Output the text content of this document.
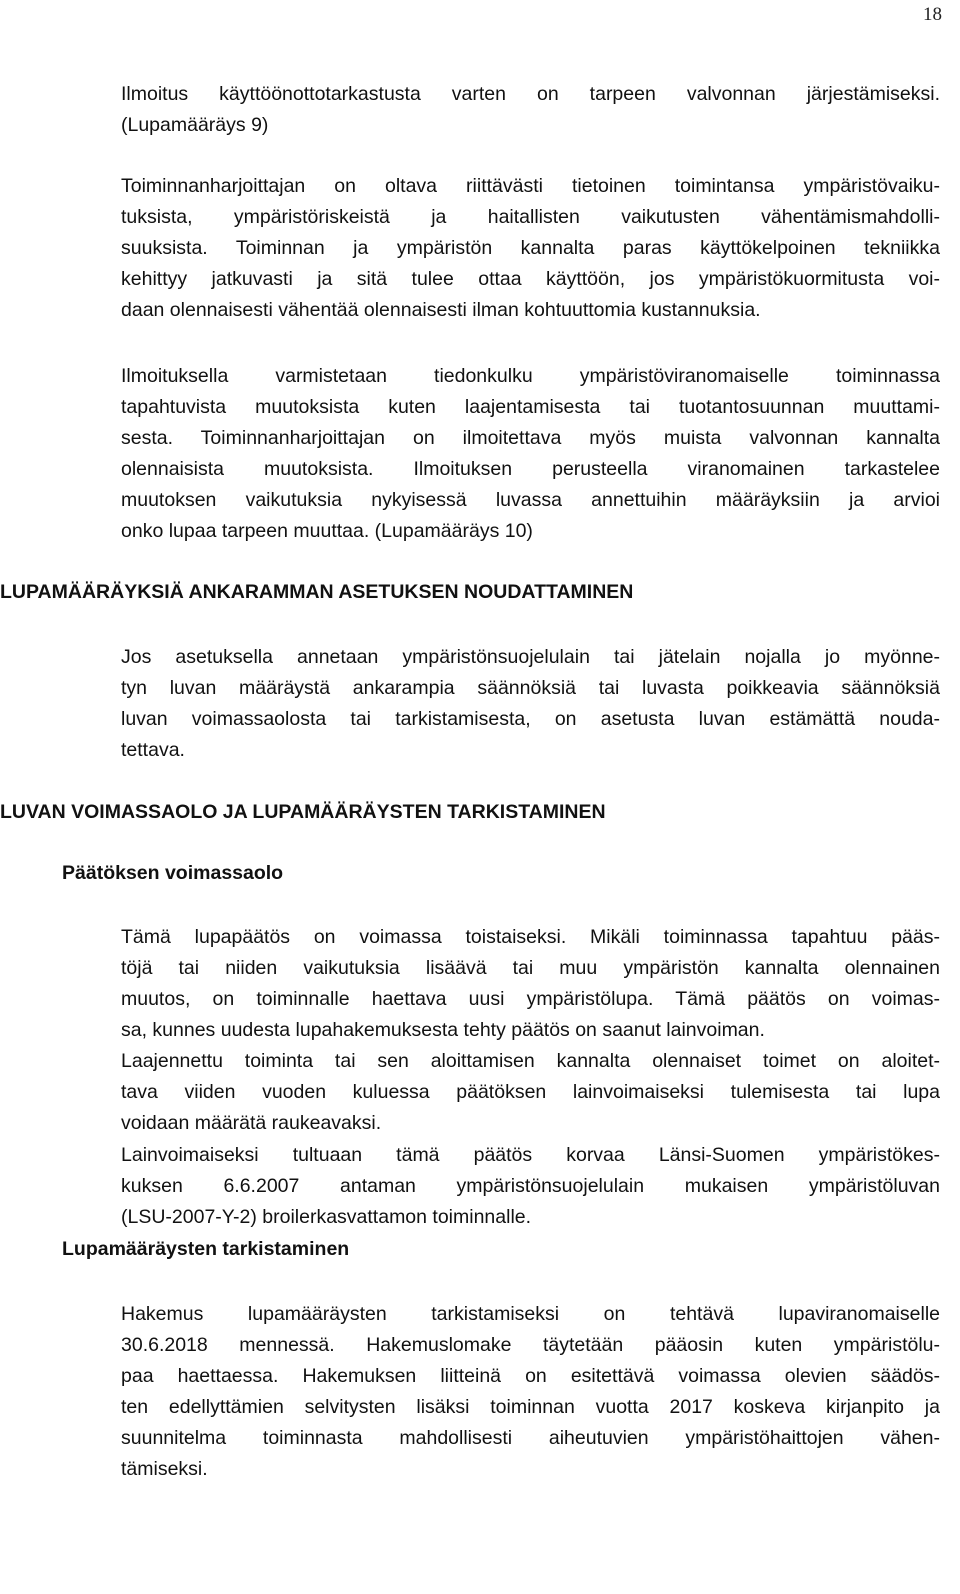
18
Ilmoitus käyttöönottotarkastusta varten on tarpeen valvonnan järjestämiseksi.
(Lupamääräys 9)
Toiminnanharjoittajan on oltava riittävästi tietoinen toimintansa ympäristövaiku-
tuksista, ympäristöriskeistä ja haitallisten vaikutusten vähentämismahdolli-
suuksista. Toiminnan ja ympäristön kannalta paras käyttökelpoinen tekniikka
kehittyy jatkuvasti ja sitä tulee ottaa käyttöön, jos ympäristökuormitusta voi-
daan olennaisesti vähentää olennaisesti ilman kohtuuttomia kustannuksia.
Ilmoituksella varmistetaan tiedonkulku ympäristöviranomaiselle toiminnassa
tapahtuvista muutoksista kuten laajentamisesta tai tuotantosuunnan muuttami-
sesta. Toiminnanharjoittajan on ilmoitettava myös muista valvonnan kannalta
olennaisista muutoksista. Ilmoituksen perusteella viranomainen tarkastelee
muutoksen vaikutuksia nykyisessä luvassa annettuihin määräyksiin ja arvioi
onko lupaa tarpeen muuttaa. (Lupamääräys 10)
LUPAMÄÄRÄYKSIÄ ANKARAMMAN ASETUKSEN NOUDATTAMINEN
Jos asetuksella annetaan ympäristönsuojelulain tai jätelain nojalla jo myönne-
tyn luvan määräystä ankarampia säännöksiä tai luvasta poikkeavia säännöksiä
luvan voimassaolosta tai tarkistamisesta, on asetusta luvan estämättä nouda-
tettava.
LUVAN VOIMASSAOLO JA LUPAMÄÄRÄYSTEN TARKISTAMINEN
Päätöksen voimassaolo
Tämä lupapäätös on voimassa toistaiseksi. Mikäli toiminnassa tapahtuu pääs-
töjä tai niiden vaikutuksia lisäävä tai muu ympäristön kannalta olennainen
muutos, on toiminnalle haettava uusi ympäristölupa. Tämä päätös on voimas-
sa, kunnes uudesta lupahakemuksesta tehty päätös on saanut lainvoiman.
Laajennettu toiminta tai sen aloittamisen kannalta olennaiset toimet on aloitet-
tava viiden vuoden kuluessa päätöksen lainvoimaiseksi tulemisesta tai lupa
voidaan määrätä raukeavaksi.
Lainvoimaiseksi tultuaan tämä päätös korvaa Länsi-Suomen ympäristökes-
kuksen 6.6.2007 antaman ympäristönsuojelulain mukaisen ympäristöluvan
(LSU-2007-Y-2) broilerkasvattamon toiminnalle.
Lupamääräysten tarkistaminen
Hakemus lupamääräysten tarkistamiseksi on tehtävä lupaviranomaiselle
30.6.2018 mennessä. Hakemuslomake täytetään pääosin kuten ympäristölu-
paa haettaessa. Hakemuksen liitteinä on esitettävä voimassa olevien säädös-
ten edellyttämien selvitysten lisäksi toiminnan vuotta 2017 koskeva kirjanpito ja
suunnitelma toiminnasta mahdollisesti aiheutuvien ympäristöhaittojen vähen-
tämiseksi.
